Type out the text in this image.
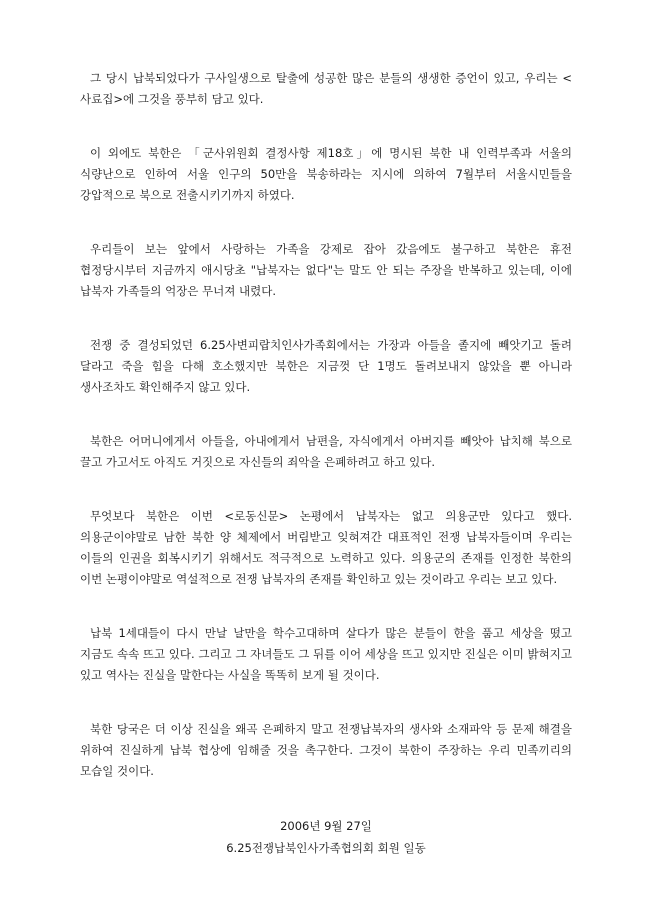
그 당시 납북되었다가 구사일생으로 탈출에 성공한 많은 분들의 생생한 증언이 있고, 우리는 <사료집>에 그것을 풍부히 담고 있다.

이 외에도 북한은 「군사위원회 결정사항 제18호」에 명시된 북한 내 인력부족과 서울의 식량난으로 인하여 서울 인구의 50만을 북송하라는 지시에 의하여 7월부터 서울시민들을 강압적으로 북으로 전출시키기까지 하였다.

우리들이 보는 앞에서 사랑하는 가족을 강제로 잡아 갔음에도 불구하고 북한은 휴전 협정당시부터 지금까지 애시당초 "납북자는 없다"는 말도 안 되는 주장을 반복하고 있는데, 이에 납북자 가족들의 억장은 무너져 내렸다.

전쟁 중 결성되었던 6.25사변피랍치인사가족회에서는 가장과 아들을 졸지에 빼앗기고 돌려 달라고 죽을 힘을 다해 호소했지만 북한은 지금껏 단 1명도 돌려보내지 않았을 뿐 아니라 생사조차도 확인해주지 않고 있다.

북한은 어머니에게서 아들을, 아내에게서 남편을, 자식에게서 아버지를 빼앗아 납치해 북으로 끌고 가고서도 아직도 거짓으로 자신들의 죄악을 은폐하려고 하고 있다.

무엇보다 북한은 이번 <로동신문> 논평에서 납북자는 없고 의용군만 있다고 했다. 의용군이야말로 남한 북한 양 체제에서 버림받고 잊혀져간 대표적인 전쟁 납북자들이며 우리는 이들의 인권을 회복시키기 위해서도 적극적으로 노력하고 있다. 의용군의 존재를 인정한 북한의 이번 논평이야말로 역설적으로 전쟁 납북자의 존재를 확인하고 있는 것이라고 우리는 보고 있다.

납북 1세대들이 다시 만날 날만을 학수고대하며 살다가 많은 분들이 한을 품고 세상을 떴고 지금도 속속 뜨고 있다. 그리고 그 자녀들도 그 뒤를 이어 세상을 뜨고 있지만 진실은 이미 밝혀지고 있고 역사는 진실을 말한다는 사실을 똑똑히 보게 될 것이다.

북한 당국은 더 이상 진실을 왜곡 은폐하지 말고 전쟁납북자의 생사와 소재파악 등 문제 해결을 위하여 진실하게 납북 협상에 임해줄 것을 촉구한다. 그것이 북한이 주장하는 우리 민족끼리의 모습일 것이다.

2006년 9월 27일
6.25전쟁납북인사가족협의회 회원 일동
